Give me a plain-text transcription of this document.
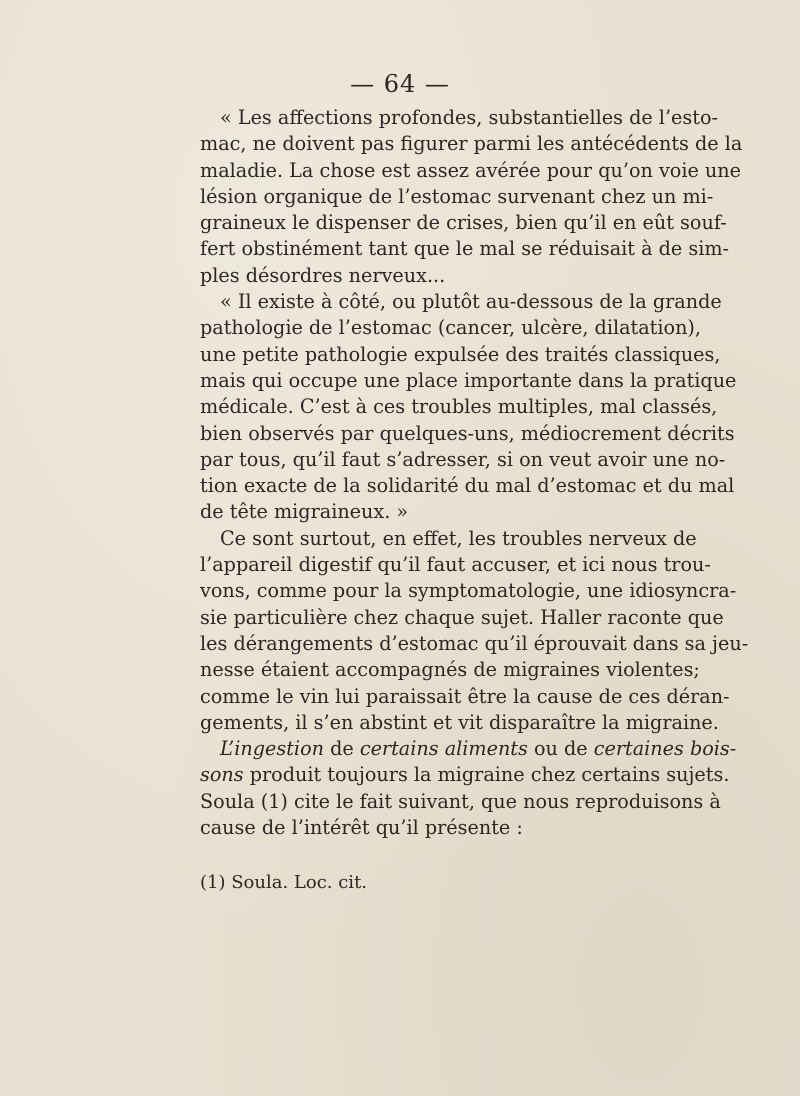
— 64 —
« Les affections profondes, substantielles de l’esto-
mac, ne doivent pas figurer parmi les antécédents de la
maladie. La chose est assez avérée pour qu’on voie une
lésion organique de l’estomac survenant chez un mi-
graineux le dispenser de crises, bien qu’il en eût souf-
fert obstinément tant que le mal se réduisait à de sim-
ples désordres nerveux...
« Il existe à côté, ou plutôt au-dessous de la grande
pathologie de l’estomac (cancer, ulcère, dilatation),
une petite pathologie expulsée des traités classiques,
mais qui occupe une place importante dans la pratique
médicale. C’est à ces troubles multiples, mal classés,
bien observés par quelques-uns, médiocrement décrits
par tous, qu’il faut s’adresser, si on veut avoir une no-
tion exacte de la solidarité du mal d’estomac et du mal
de tête migraineux. »
Ce sont surtout, en effet, les troubles nerveux de
l’appareil digestif qu’il faut accuser, et ici nous trou-
vons, comme pour la symptomatologie, une idiosyncra-
sie particulière chez chaque sujet. Haller raconte que
les dérangements d’estomac qu’il éprouvait dans sa jeu-
nesse étaient accompagnés de migraines violentes;
comme le vin lui paraissait être la cause de ces déran-
gements, il s’en abstint et vit disparaître la migraine.
L’ingestion de certains aliments ou de certaines bois-
sons produit toujours la migraine chez certains sujets.
Soula (1) cite le fait suivant, que nous reproduisons à
cause de l’intérêt qu’il présente :
(1) Soula. Loc. cit.
